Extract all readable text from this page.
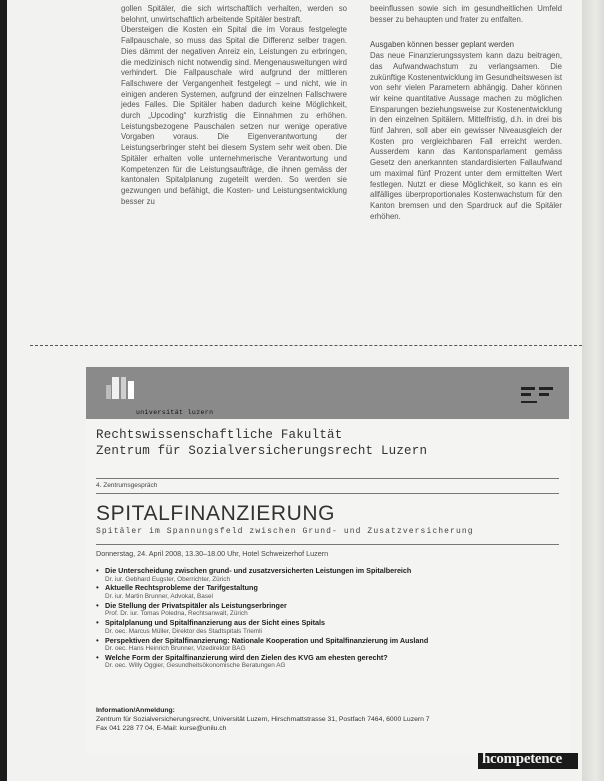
gollen Spitäler, die sich wirtschaftlich verhalten, werden so belohnt, unwirtschaftlich arbeitende Spitäler bestraft.

Übersteigen die Kosten ein Spital die im Voraus festgelegte Fallpauschale, so muss das Spital die Differenz selber tragen. Dies dämmt der negativen Anreiz ein, Leistungen zu erbringen, die medizinisch nicht notwendig sind. Mengenausweitungen wird verhindert. Die Fallpauschale wird aufgrund der mittleren Fallschwere der Vergangenheit festgelegt – und nicht, wie in einigen anderen Systemen, aufgrund der einzelnen Fallschwere jedes Falles. Die Spitäler haben dadurch keine Möglichkeit, durch „Upcoding“ kurzfristig die Einnahmen zu erhöhen. Leistungsbezogene Pauschalen setzen nur wenige operative Vorgaben voraus. Die Eigenverantwortung der Leistungserbringer steht bei diesem System sehr weit oben. Die Spitäler erhalten volle unternehmerische Verantwortung und Kompetenzen für die Leistungsaufträge, die ihnen gemäss der kantonalen Spitalplanung zugeteilt werden. So werden sie gezwungen und befähigt, die Kosten- und Leistungsentwicklung besser zu

beeinflussen sowie sich im gesundheitlichen Umfeld besser zu behaupten und frater zu entfalten.

Ausgaben können besser geplant werden

Das neue Finanzierungssystem kann dazu beitragen, das Aufwandwachstum zu verlangsamen. Die zukünftige Kostenentwicklung im Gesundheitswesen ist von sehr vielen Parametern abhängig. Daher können wir keine quantitative Aussage machen zu möglichen Einsparungen beziehungsweise zur Kostenentwicklung in den einzelnen Spitälern. Mittelfristig, d.h. in drei bis fünf Jahren, soll aber ein gewisser Niveausgleich der Kosten pro vergleichbaren Fall erreicht werden. Ausserdem kann das Kantonsparlament gemäss Gesetz den anerkannten standardisierten Fallaufwand um maximal fünf Prozent unter dem ermittelten Wert festlegen. Nutzt er diese Möglichkeit, so kann es ein allfälliges überproportionales Kostenwachstum für den Kanton bremsen und den Spardruck auf die Spitäler erhöhen.

universität luzern
Rechtswissenschaftliche Fakultät
Zentrum für Sozialversicherungsrecht Luzern
4. Zentrumsgespräch
SPITALFINANZIERUNG
Spitäler im Spannungsfeld zwischen Grund- und Zusatzversicherung
Donnerstag, 24. April 2008, 13.30–18.00 Uhr, Hotel Schweizerhof Luzern
• Die Unterscheidung zwischen grund- und zusatzversicherten Leistungen im Spitalbereich
Dr. iur. Gebhard Eugster, Oberrichter, Zürich
• Aktuelle Rechtsprobleme der Tarifgestaltung
Dr. iur. Martin Brunner, Advokat, Basel
• Die Stellung der Privatspitäler als Leistungserbringer
Prof. Dr. iur. Tomas Poledna, Rechtsanwalt, Zürich
• Spitalplanung und Spitalfinanzierung aus der Sicht eines Spitals
Dr. oec. Marcus Müller, Direktor des Stadtspitals Triemli
• Perspektiven der Spitalfinanzierung: Nationale Kooperation und Spitalfinanzierung im Ausland
Dr. oec. Hans Heinrich Brunner, Vizedirektor BAG
• Welche Form der Spitalfinanzierung wird den Zielen des KVG am ehesten gerecht?
Dr. oec. Willy Oggier, Gesundheitsökonomische Beratungen AG
Information/Anmeldung:
Zentrum für Sozialversicherungsrecht, Universität Luzern, Hirschmattstrasse 31, Postfach 7464, 6000 Luzern 7
Fax 041 228 77 04, E-Mail: kurse@unilu.ch
hcompetence
